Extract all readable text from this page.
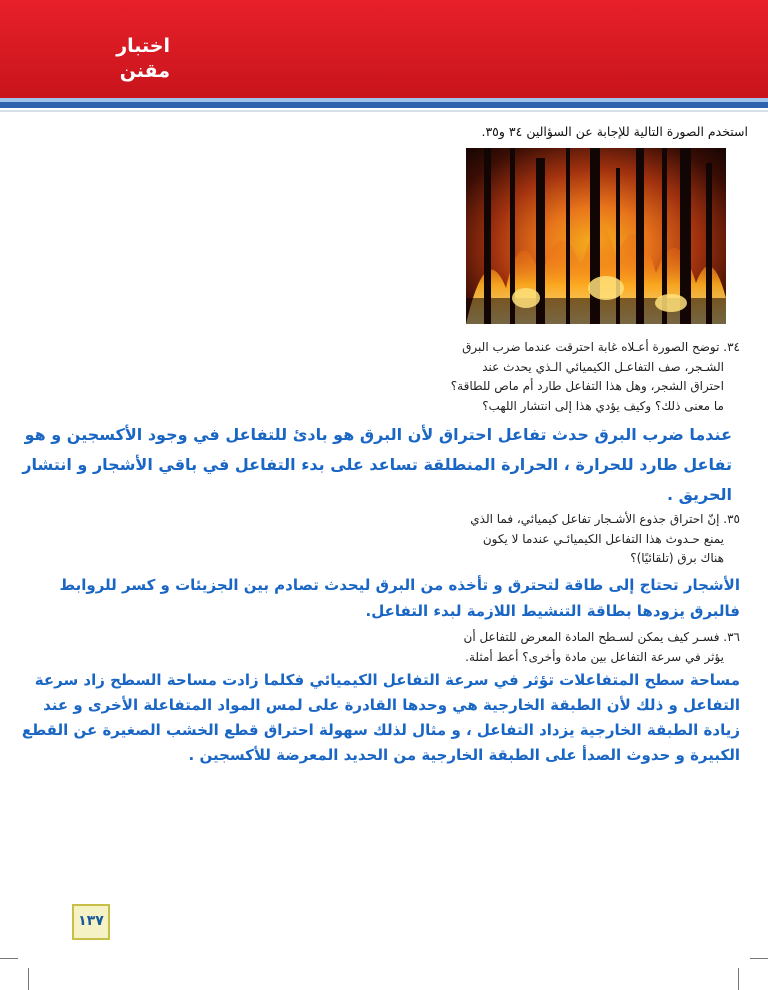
اختبار
مقنن
استخدم الصورة التالية للإجابة عن السؤالين ٣٤ و٣٥.
٣٤. توضح الصورة أعـلاه غابة احترقت عندما ضرب البرق
الشـجر، صف التفاعـل الكيميائي الـذي يحدث عند
احتراق الشجر، وهل هذا التفاعل طارد أم ماص للطاقة؟
ما معنى ذلك؟ وكيف يؤدي هذا إلى انتشار اللهب؟
عندما ضرب البرق حدث تفاعل احتراق لأن البرق هو بادئ للتفاعل في وجود الأكسجين و هو
تفاعل طارد للحرارة ، الحرارة المنطلقة تساعد على بدء التفاعل في باقي الأشجار و انتشار
الحريق .
٣٥. إنّ احتراق جذوع الأشـجار تفاعل كيميائي، فما الذي
يمنع حـدوث هذا التفاعل الكيميائـي عندما لا يكون
هناك برق (تلقائيًا)؟
الأشجار تحتاج إلى طاقة لتحترق و تأخذه من البرق ليحدث تصادم بين الجزيئات و كسر للروابط
فالبرق يزودها بطاقة التنشيط اللازمة لبدء التفاعل.
٣٦. فسـر كيف يمكن لسـطح المادة المعرض للتفاعل أن
يؤثر في سرعة التفاعل بين مادة وأخرى؟ أعط أمثلة.
مساحة سطح المتفاعلات تؤثر في سرعة التفاعل الكيميائي فكلما زادت مساحة السطح زاد سرعة
التفاعل و ذلك لأن الطبقة الخارجية هي وحدها القادرة على لمس المواد المتفاعلة الأخرى و عند
زيادة الطبقة الخارجية يزداد التفاعل ، و مثال لذلك سهولة احتراق قطع الخشب الصغيرة عن القطع
الكبيرة و حدوث الصدأ على الطبقة الخارجية من الحديد المعرضة للأكسجين .
١٣٧
